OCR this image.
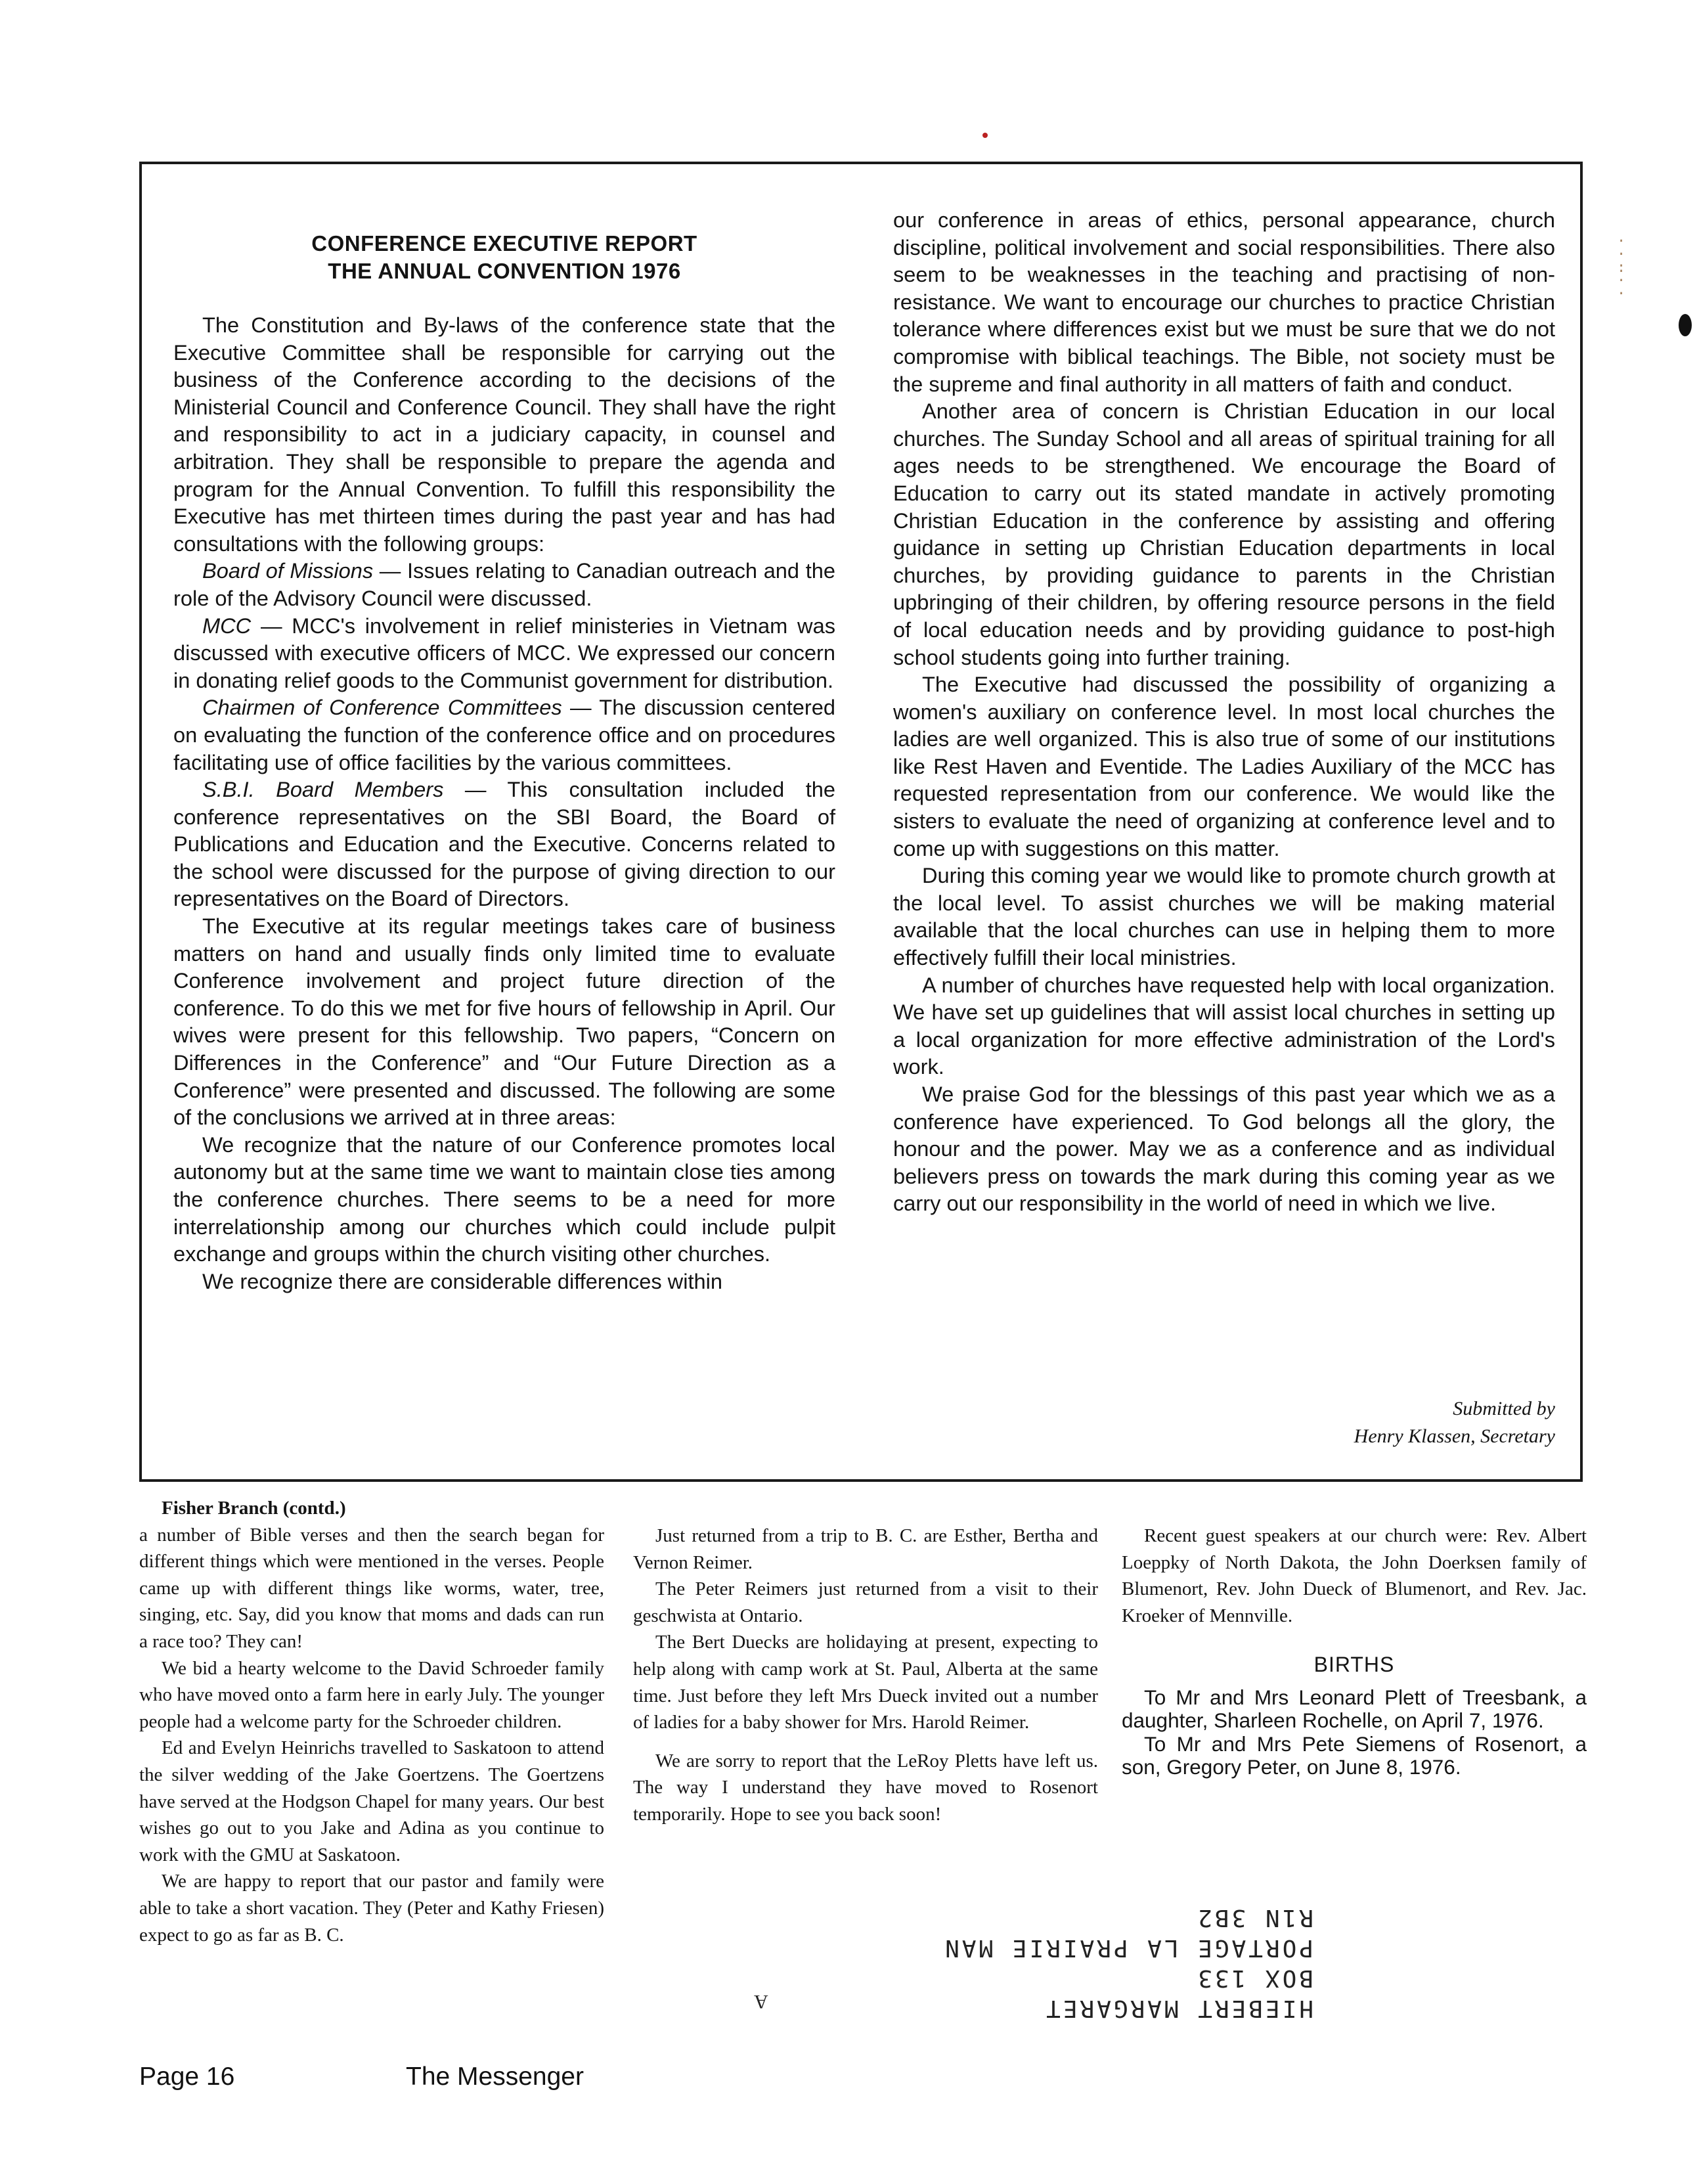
·
·
:
·
·
CONFERENCE EXECUTIVE REPORT
THE ANNUAL CONVENTION 1976

The Constitution and By-laws of the conference state that the Executive Committee shall be responsible for carrying out the business of the Conference according to the decisions of the Ministerial Council and Conference Council. They shall have the right and responsibility to act in a judiciary capacity, in counsel and arbitration. They shall be responsible to prepare the agenda and program for the Annual Convention. To fulfill this responsibility the Executive has met thirteen times during the past year and has had consultations with the following groups:

Board of Missions — Issues relating to Canadian outreach and the role of the Advisory Council were discussed.

MCC — MCC's involvement in relief ministeries in Vietnam was discussed with executive officers of MCC. We expressed our concern in donating relief goods to the Communist government for distribution.

Chairmen of Conference Committees — The discussion centered on evaluating the function of the conference office and on procedures facilitating use of office facilities by the various committees.

S.B.I. Board Members — This consultation included the conference representatives on the SBI Board, the Board of Publications and Education and the Executive. Concerns related to the school were discussed for the purpose of giving direction to our representatives on the Board of Directors.

The Executive at its regular meetings takes care of business matters on hand and usually finds only limited time to evaluate Conference involvement and project future direction of the conference. To do this we met for five hours of fellowship in April. Our wives were present for this fellowship. Two papers, “Concern on Differences in the Conference” and “Our Future Direction as a Conference” were presented and discussed. The following are some of the conclusions we arrived at in three areas:

We recognize that the nature of our Conference promotes local autonomy but at the same time we want to maintain close ties among the conference churches. There seems to be a need for more interrelationship among our churches which could include pulpit exchange and groups within the church visiting other churches.

We recognize there are considerable differences within

our conference in areas of ethics, personal appearance, church discipline, political involvement and social responsibilities. There also seem to be weaknesses in the teaching and practising of non-resistance. We want to encourage our churches to practice Christian tolerance where differences exist but we must be sure that we do not compromise with biblical teachings. The Bible, not society must be the supreme and final authority in all matters of faith and conduct.

Another area of concern is Christian Education in our local churches. The Sunday School and all areas of spiritual training for all ages needs to be strengthened. We encourage the Board of Education to carry out its stated mandate in actively promoting Christian Education in the conference by assisting and offering guidance in setting up Christian Education departments in local churches, by providing guidance to parents in the Christian upbringing of their children, by offering resource persons in the field of local education needs and by providing guidance to post-high school students going into further training.

The Executive had discussed the possibility of organizing a women's auxiliary on conference level. In most local churches the ladies are well organized. This is also true of some of our institutions like Rest Haven and Eventide. The Ladies Auxiliary of the MCC has requested representation from our conference. We would like the sisters to evaluate the need of organizing at conference level and to come up with suggestions on this matter.

During this coming year we would like to promote church growth at the local level. To assist churches we will be making material available that the local churches can use in helping them to more effectively fulfill their local ministries.

A number of churches have requested help with local organization. We have set up guidelines that will assist local churches in setting up a local organization for more effective administration of the Lord's work.

We praise God for the blessings of this past year which we as a conference have experienced. To God belongs all the glory, the honour and the power. May we as a conference and as individual believers press on towards the mark during this coming year as we carry out our responsibility in the world of need in which we live.

Submitted by
Henry Klassen, Secretary

Fisher Branch (contd.)

a number of Bible verses and then the search began for different things which were mentioned in the verses. People came up with different things like worms, water, tree, singing, etc. Say, did you know that moms and dads can run a race too? They can!

We bid a hearty welcome to the David Schroeder family who have moved onto a farm here in early July. The younger people had a welcome party for the Schroeder children.

Ed and Evelyn Heinrichs travelled to Saskatoon to attend the silver wedding of the Jake Goertzens. The Goertzens have served at the Hodgson Chapel for many years. Our best wishes go out to you Jake and Adina as you continue to work with the GMU at Saskatoon.

We are happy to report that our pastor and family were able to take a short vacation. They (Peter and Kathy Friesen) expect to go as far as B. C.

Just returned from a trip to B. C. are Esther, Bertha and Vernon Reimer.

The Peter Reimers just returned from a visit to their geschwista at Ontario.

The Bert Duecks are holidaying at present, expecting to help along with camp work at St. Paul, Alberta at the same time. Just before they left Mrs Dueck invited out a number of ladies for a baby shower for Mrs. Harold Reimer.

We are sorry to report that the LeRoy Pletts have left us. The way I understand they have moved to Rosenort temporarily. Hope to see you back soon!

Recent guest speakers at our church were: Rev. Albert Loeppky of North Dakota, the John Doerksen family of Blumenort, Rev. John Dueck of Blumenort, and Rev. Jac. Kroeker of Mennville.

BIRTHS

To Mr and Mrs Leonard Plett of Treesbank, a daughter, Sharleen Rochelle, on April 7, 1976.

To Mr and Mrs Pete Siemens of Rosenort, a son, Gregory Peter, on June 8, 1976.

HIEBERT MARGARET
BOX 133
PORTAGE LA PRAIRIE MAN
R1N 3B2
A
Page 16	The Messenger
